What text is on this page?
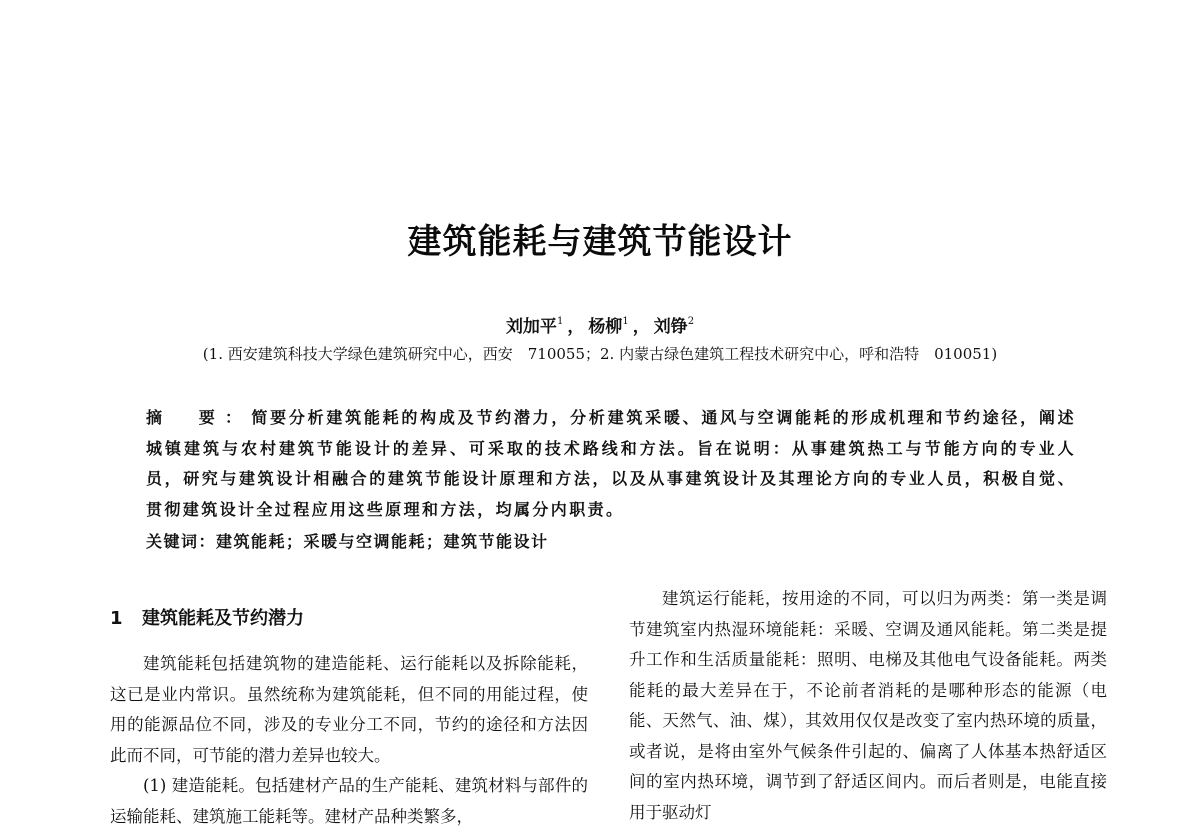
建筑能耗与建筑节能设计
刘加平$^1$ ， 杨柳$^1$ ， 刘铮$^2$
(1. 西安建筑科技大学绿色建筑研究中心，西安　710055；2. 内蒙古绿色建筑工程技术研究中心，呼和浩特　010051)
摘　要：简要分析建筑能耗的构成及节约潜力，分析建筑采暖、通风与空调能耗的形成机理和节约途径，阐述城镇建筑与农村建筑节能设计的差异、可采取的技术路线和方法。旨在说明：从事建筑热工与节能方向的专业人员，研究与建筑设计相融合的建筑节能设计原理和方法，以及从事建筑设计及其理论方向的专业人员，积极自觉、贯彻建筑设计全过程应用这些原理和方法，均属分内职责。
关键词：建筑能耗；采暖与空调能耗；建筑节能设计
1 建筑能耗及节约潜力

建筑能耗包括建筑物的建造能耗、运行能耗以及拆除能耗，这已是业内常识。虽然统称为建筑能耗，但不同的用能过程，使用的能源品位不同，涉及的专业分工不同，节约的途径和方法因此而不同，可节能的潜力差异也较大。

(1) 建造能耗。包括建材产品的生产能耗、建筑材料与部件的运输能耗、建筑施工能耗等。建材产品种类繁多，

建筑运行能耗，按用途的不同，可以归为两类：第一类是调节建筑室内热湿环境能耗：采暖、空调及通风能耗。第二类是提升工作和生活质量能耗：照明、电梯及其他电气设备能耗。两类能耗的最大差异在于，不论前者消耗的是哪种形态的能源（电能、天然气、油、煤），其效用仅仅是改变了室内热环境的质量，或者说，是将由室外气候条件引起的、偏离了人体基本热舒适区间的室内热环境，调节到了舒适区间内。而后者则是，电能直接用于驱动灯
